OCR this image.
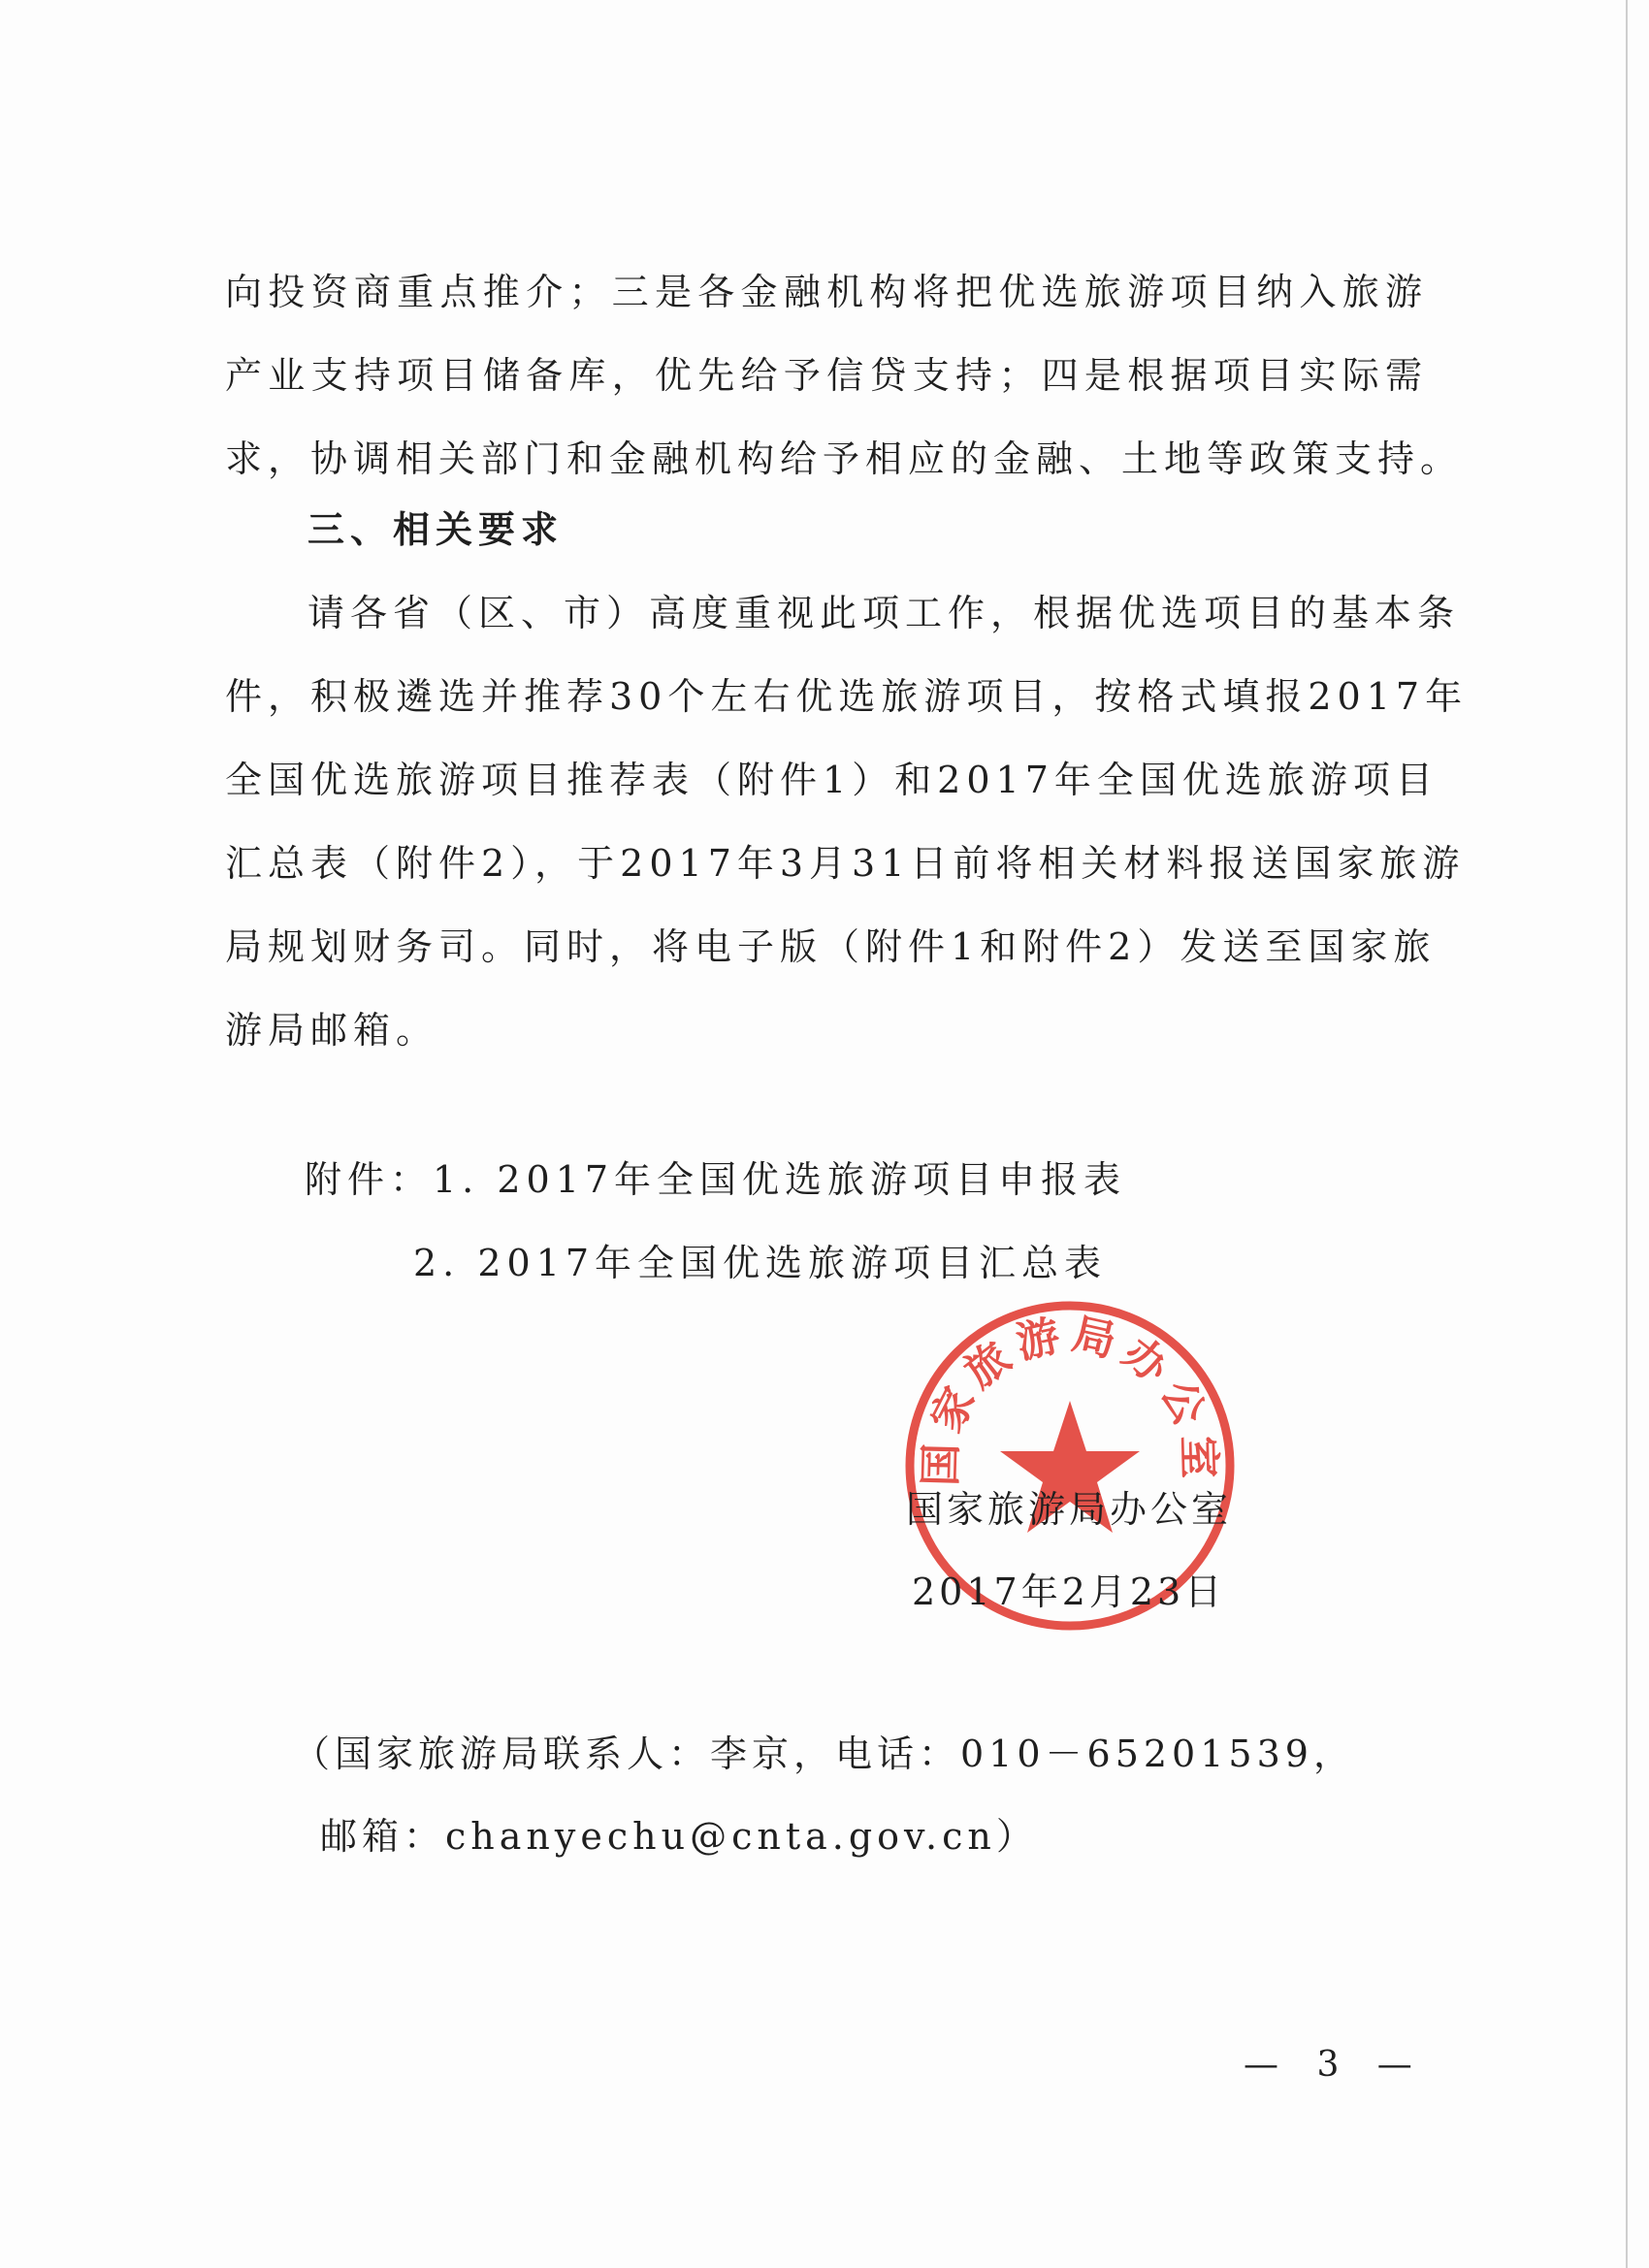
向投资商重点推介；三是各金融机构将把优选旅游项目纳入旅游
产业支持项目储备库，优先给予信贷支持；四是根据项目实际需
求，协调相关部门和金融机构给予相应的金融、土地等政策支持。
三、相关要求
请各省（区、市）高度重视此项工作，根据优选项目的基本条
件，积极遴选并推荐30个左右优选旅游项目，按格式填报2017年
全国优选旅游项目推荐表（附件1）和2017年全国优选旅游项目
汇总表（附件2），于2017年3月31日前将相关材料报送国家旅游
局规划财务司。同时，将电子版（附件1和附件2）发送至国家旅
游局邮箱。
附件：1. 2017年全国优选旅游项目申报表
2. 2017年全国优选旅游项目汇总表
国家旅游局办公室
国家旅游局办公室
2017年2月23日
（国家旅游局联系人：李京，电话：010－65201539，
邮箱：chanyechu@cnta.gov.cn）
— 3 —
